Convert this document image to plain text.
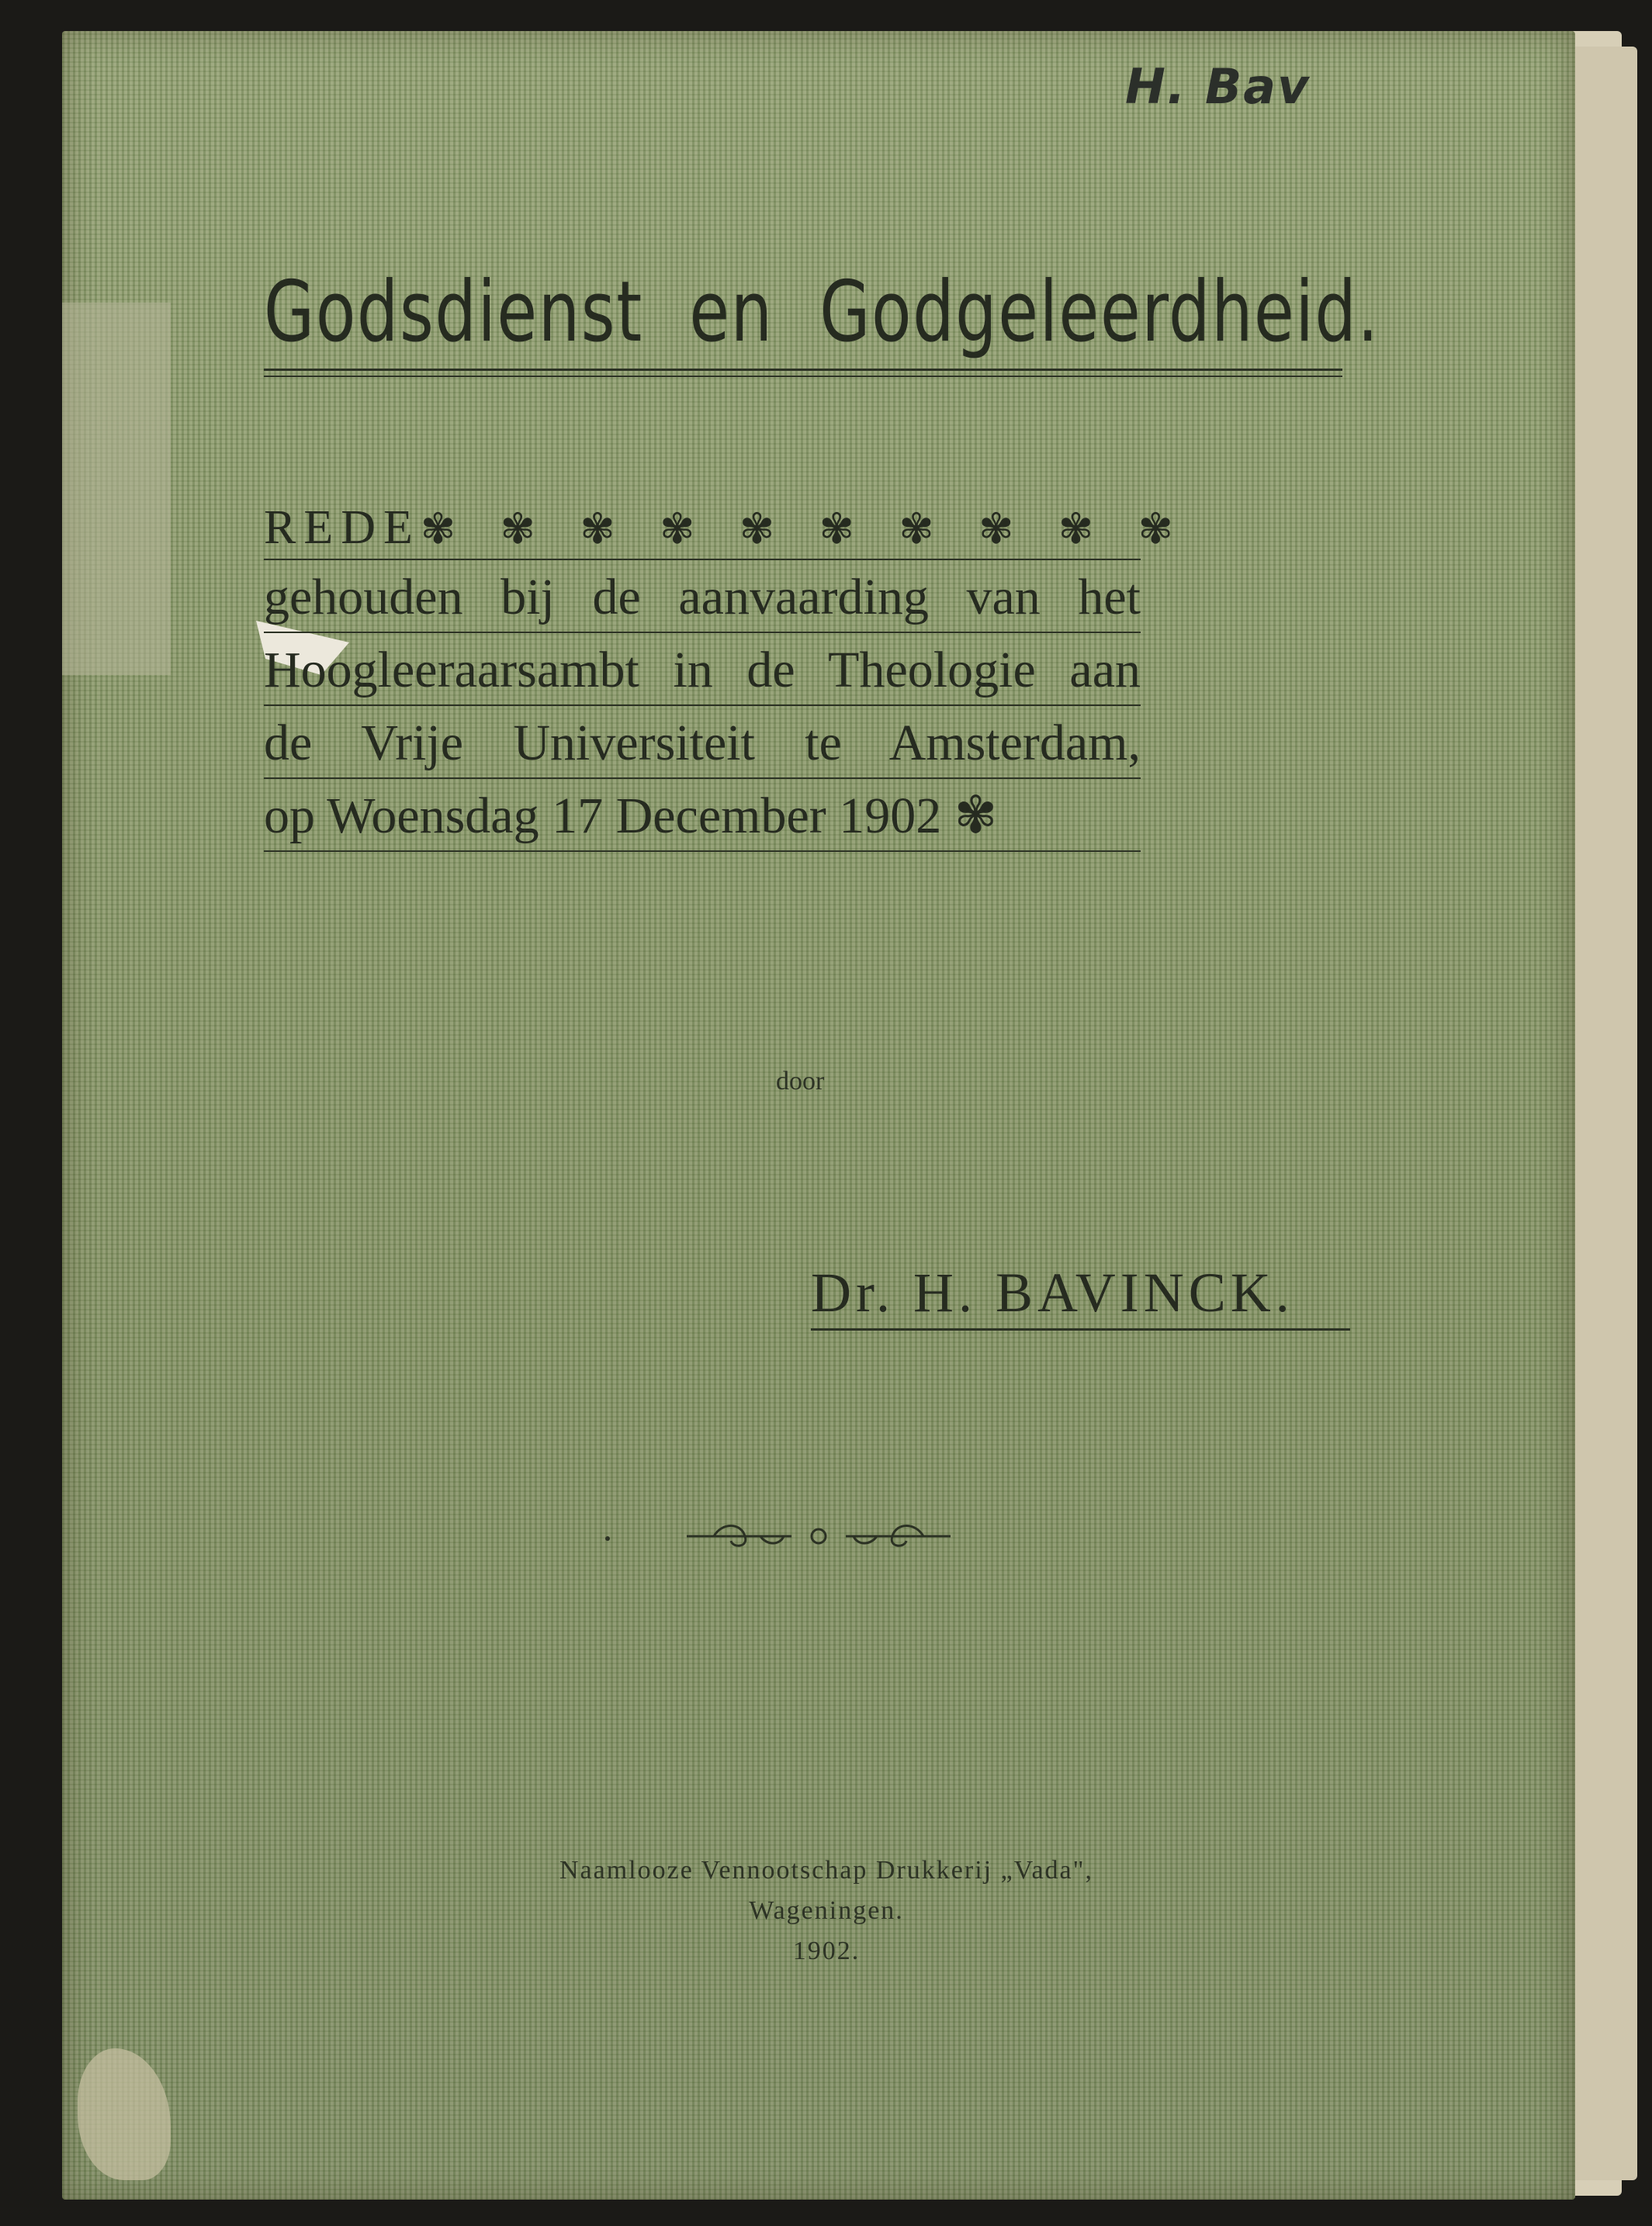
H. Bav
Godsdienst en Godgeleerdheid.
REDE✾ ✾ ✾ ✾ ✾ ✾ ✾ ✾ ✾ ✾
gehouden bij de aanvaarding van het
Hoogleeraarsambt in de Theologie aan
de Vrije Universiteit te Amsterdam,
op Woensdag 17 December 1902 ✾
door
Dr. H. BAVINCK.
Naamlooze Vennootschap Drukkerij „Vada",
Wageningen.
1902.
